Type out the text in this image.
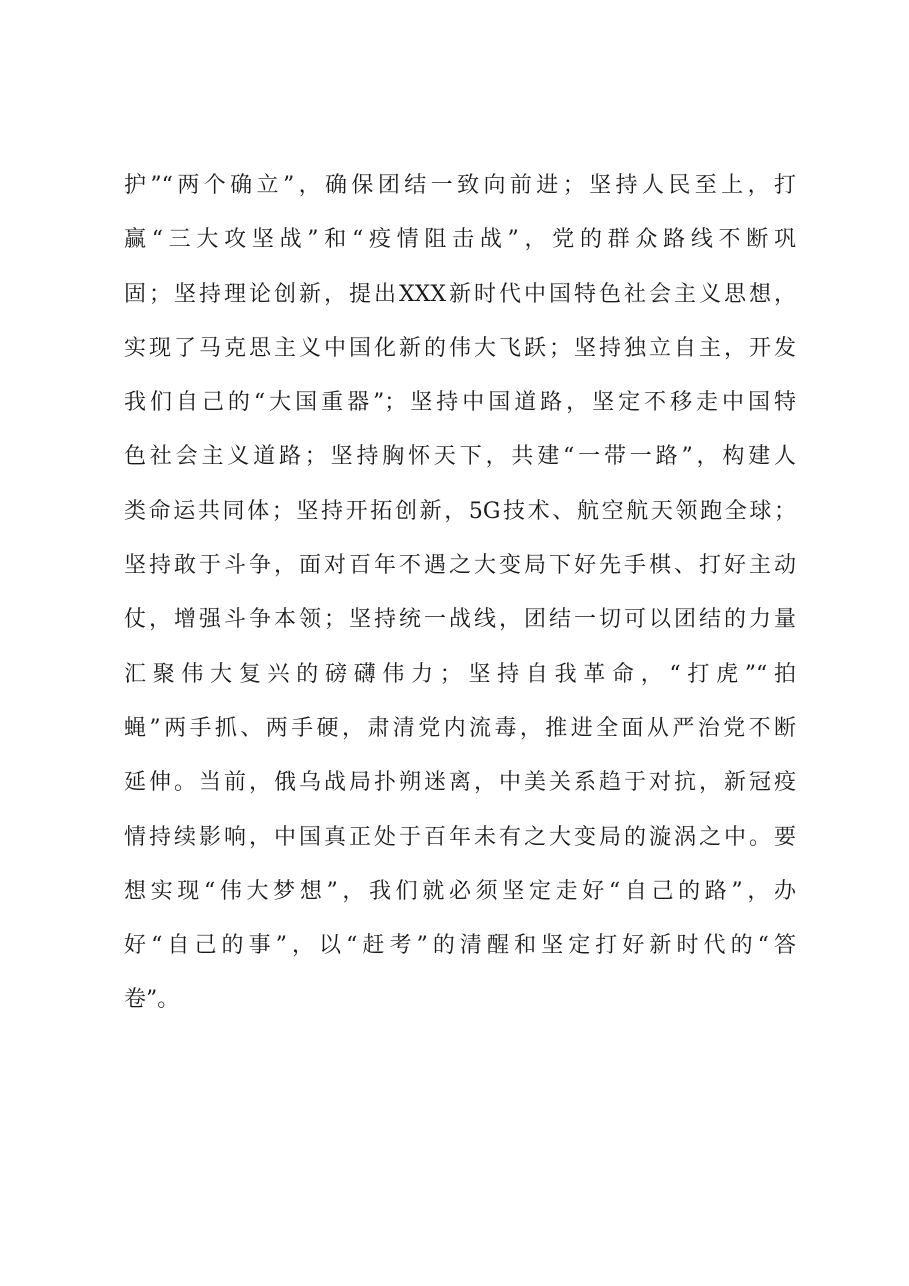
护”“两个确立”，确保团结一致向前进；坚持人民至上，打
赢“三大攻坚战”和“疫情阻击战”，党的群众路线不断巩
固；坚持理论创新，提出XXX新时代中国特色社会主义思想，
实现了马克思主义中国化新的伟大飞跃；坚持独立自主，开发
我们自己的“大国重器”；坚持中国道路，坚定不移走中国特
色社会主义道路；坚持胸怀天下，共建“一带一路”，构建人
类命运共同体；坚持开拓创新，5G技术、航空航天领跑全球；
坚持敢于斗争，面对百年不遇之大变局下好先手棋、打好主动
仗，增强斗争本领；坚持统一战线，团结一切可以团结的力量
汇聚伟大复兴的磅礴伟力；坚持自我革命，“打虎”“拍
蝇”两手抓、两手硬，肃清党内流毒，推进全面从严治党不断
延伸。当前，俄乌战局扑朔迷离，中美关系趋于对抗，新冠疫
情持续影响，中国真正处于百年未有之大变局的漩涡之中。要
想实现“伟大梦想”，我们就必须坚定走好“自己的路”，办
好“自己的事”，以“赶考”的清醒和坚定打好新时代的“答
卷”。
